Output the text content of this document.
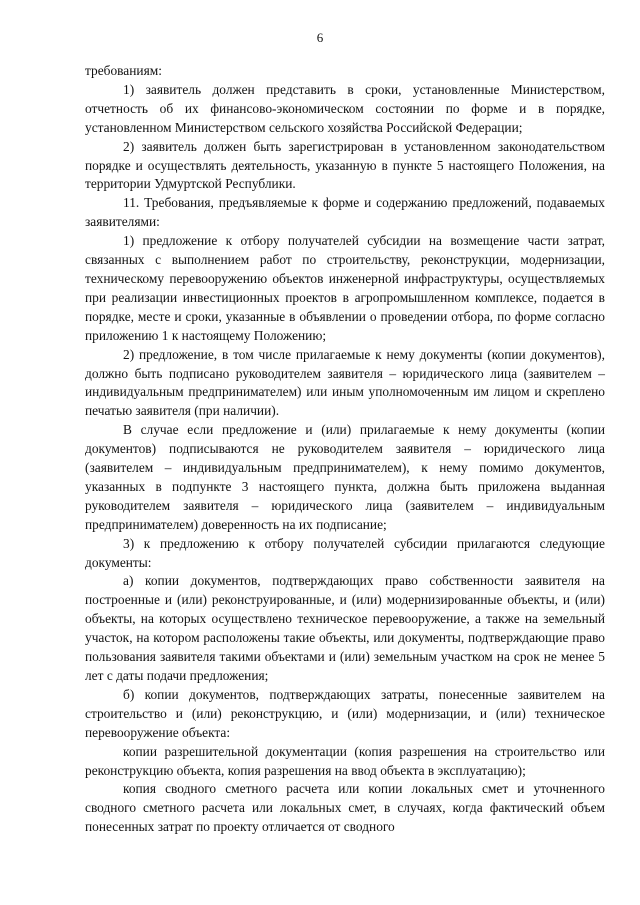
6

требованиям:

1) заявитель должен представить в сроки, установленные Министерством, отчетность об их финансово-экономическом состоянии по форме и в порядке, установленном Министерством сельского хозяйства Российской Федерации;

2) заявитель должен быть зарегистрирован в установленном законодательством порядке и осуществлять деятельность, указанную в пункте 5 настоящего Положения, на территории Удмуртской Республики.

11. Требования, предъявляемые к форме и содержанию предложений, подаваемых заявителями:

1) предложение к отбору получателей субсидии на возмещение части затрат, связанных с выполнением работ по строительству, реконструкции, модернизации, техническому перевооружению объектов инженерной инфраструктуры, осуществляемых при реализации инвестиционных проектов в агропромышленном комплексе, подается в порядке, месте и сроки, указанные в объявлении о проведении отбора, по форме согласно приложению 1 к настоящему Положению;

2) предложение, в том числе прилагаемые к нему документы (копии документов), должно быть подписано руководителем заявителя – юридического лица (заявителем – индивидуальным предпринимателем) или иным уполномоченным им лицом и скреплено печатью заявителя (при наличии).

В случае если предложение и (или) прилагаемые к нему документы (копии документов) подписываются не руководителем заявителя – юридического лица (заявителем – индивидуальным предпринимателем), к нему помимо документов, указанных в подпункте 3 настоящего пункта, должна быть приложена выданная руководителем заявителя – юридического лица (заявителем – индивидуальным предпринимателем) доверенность на их подписание;

3) к предложению к отбору получателей субсидии прилагаются следующие документы:

а) копии документов, подтверждающих право собственности заявителя на построенные и (или) реконструированные, и (или) модернизированные объекты, и (или) объекты, на которых осуществлено техническое перевооружение, а также на земельный участок, на котором расположены такие объекты, или документы, подтверждающие право пользования заявителя такими объектами и (или) земельным участком на срок не менее 5 лет с даты подачи предложения;

б) копии документов, подтверждающих затраты, понесенные заявителем на строительство и (или) реконструкцию, и (или) модернизации, и (или) техническое перевооружение объекта:

копии разрешительной документации (копия разрешения на строительство или реконструкцию объекта, копия разрешения на ввод объекта в эксплуатацию);

копия сводного сметного расчета или копии локальных смет и уточненного сводного сметного расчета или локальных смет, в случаях, когда фактический объем понесенных затрат по проекту отличается от сводного
